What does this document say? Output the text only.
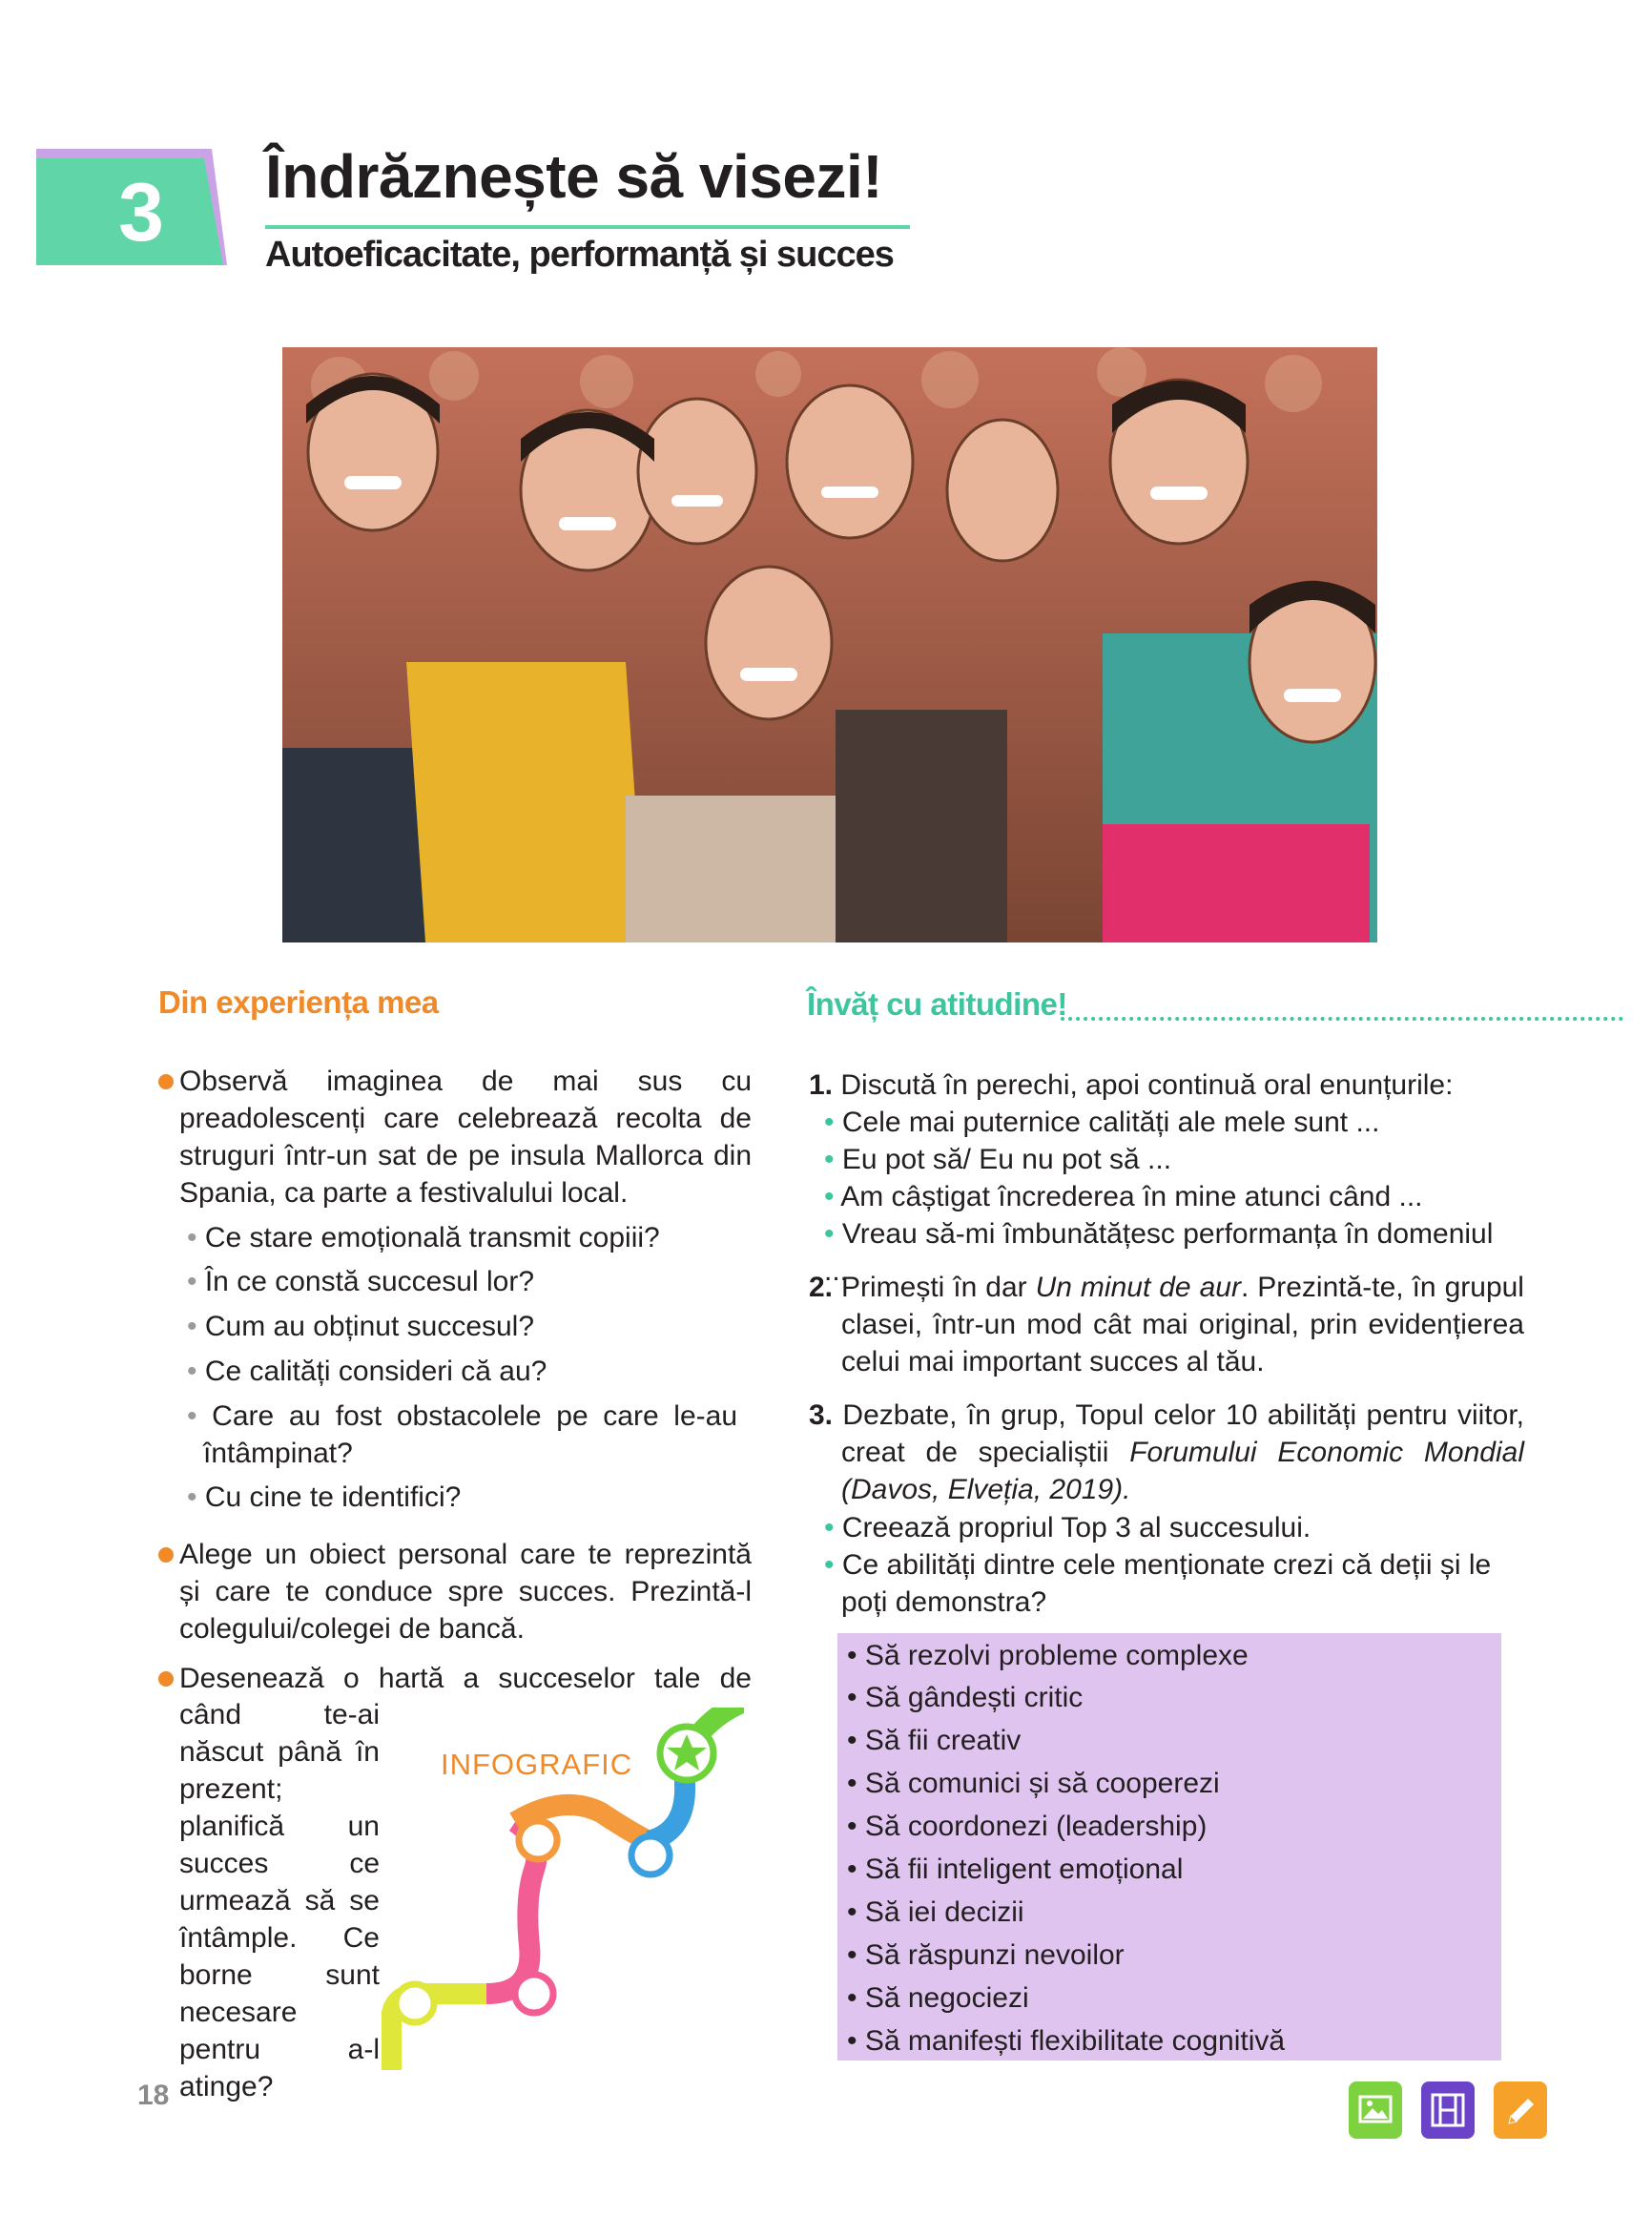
3 Îndrăznește să visezi!
Autoeficacitate, performanță și succes
Din experiența mea
Observă imaginea de mai sus cu preadolescenți care celebrează recolta de struguri într-un sat de pe insula Mallorca din Spania, ca parte a festivalului local.
• Ce stare emoțională transmit copiii?
• În ce constă succesul lor?
• Cum au obținut succesul?
• Ce calități consideri că au?
• Care au fost obstacolele pe care le-au întâmpinat?
• Cu cine te identifici?
Alege un obiect personal care te reprezintă și care te conduce spre succes. Prezintă-l colegului/colegei de bancă.
Desenează o hartă a succeselor tale de
când te-ai născut până în prezent; planifică un succes ce urmează să se întâmple. Ce borne sunt necesare pentru a-l atinge?
INFOGRAFIC
18
Învăț cu atitudine!
1. Discută în perechi, apoi continuă oral enunțurile:
• Cele mai puternice calități ale mele sunt ...
• Eu pot să/ Eu nu pot să ...
• Am câștigat încrederea în mine atunci când ...
• Vreau să-mi îmbunătățesc performanța în domeniul ...
2. Primești în dar Un minut de aur. Prezintă-te, în grupul clasei, într-un mod cât mai original, prin evidențierea celui mai important succes al tău.
3. Dezbate, în grup, Topul celor 10 abilități pentru viitor, creat de specialiștii Forumului Economic Mondial (Davos, Elveția, 2019).
• Creează propriul Top 3 al succesului.
• Ce abilități dintre cele menționate crezi că deții și le poți demonstra?
• Să rezolvi probleme complexe
• Să gândești critic
• Să fii creativ
• Să comunici și să cooperezi
• Să coordonezi (leadership)
• Să fii inteligent emoțional
• Să iei decizii
• Să răspunzi nevoilor
• Să negociezi
• Să manifești flexibilitate cognitivă
